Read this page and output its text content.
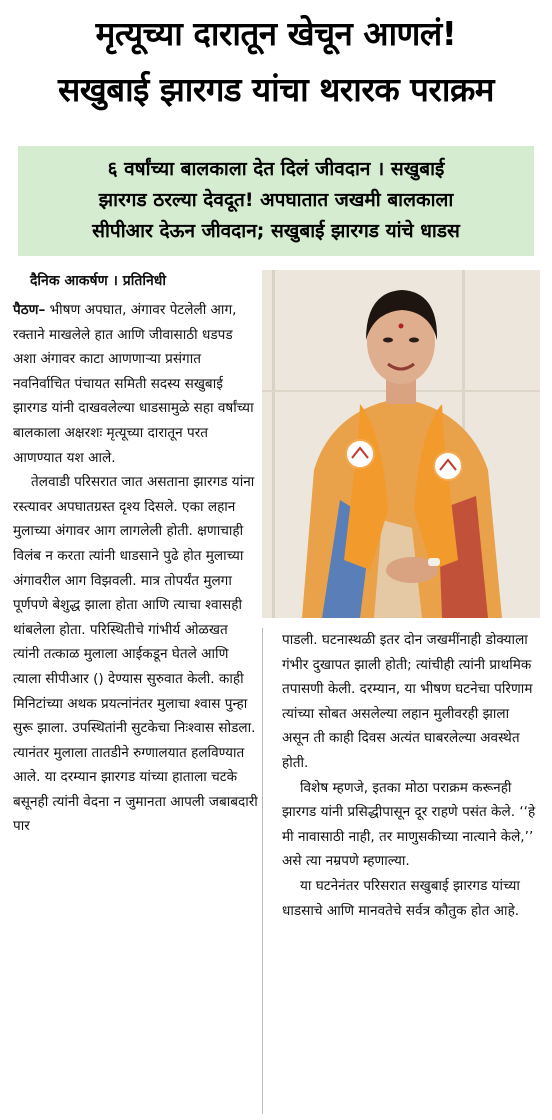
मृत्यूच्या दारातून खेचून आणलं!
सखुबाई झारगड यांचा थरारक पराक्रम
६ वर्षांच्या बालकाला देत दिलं जीवदान । सखुबाई
झारगड ठरल्या देवदूत! अपघातात जखमी बालकाला
सीपीआर देऊन जीवदान; सखुबाई झारगड यांचे धाडस
दैनिक आकर्षण । प्रतिनिधी

पैठण– भीषण अपघात, अंगावर पेटलेली आग, रक्ताने माखलेले हात आणि जीवासाठी धडपड अशा अंगावर काटा आणणाऱ्या प्रसंगात नवनिर्वाचित पंचायत समिती सदस्य सखुबाई झारगड यांनी दाखवलेल्या धाडसामुळे सहा वर्षांच्या बालकाला अक्षरशः मृत्यूच्या दारातून परत आणण्यात यश आले.

तेलवाडी परिसरात जात असताना झारगड यांना रस्त्यावर अपघातग्रस्त दृश्य दिसले. एका लहान मुलाच्या अंगावर आग लागलेली होती. क्षणाचाही विलंब न करता त्यांनी धाडसाने पुढे होत मुलाच्या अंगावरील आग विझवली. मात्र तोपर्यंत मुलगा पूर्णपणे बेशुद्ध झाला होता आणि त्याचा श्वासही थांबलेला होता. परिस्थितीचे गांभीर्य ओळखत त्यांनी तत्काळ मुलाला आईकडून घेतले आणि त्याला सीपीआर () देण्यास सुरुवात केली. काही मिनिटांच्या अथक प्रयत्नांनंतर मुलाचा श्वास पुन्हा सुरू झाला. उपस्थितांनी सुटकेचा निःश्वास सोडला. त्यानंतर मुलाला तातडीने रुग्णालयात हलविण्यात आले. या दरम्यान झारगड यांच्या हाताला चटके बसूनही त्यांनी वेदना न जुमानता आपली जबाबदारी पार

पाडली. घटनास्थळी इतर दोन जखमींनाही डोक्याला गंभीर दुखापत झाली होती; त्यांचीही त्यांनी प्राथमिक तपासणी केली. दरम्यान, या भीषण घटनेचा परिणाम त्यांच्या सोबत असलेल्या लहान मुलीवरही झाला असून ती काही दिवस अत्यंत घाबरलेल्या अवस्थेत होती.

विशेष म्हणजे, इतका मोठा पराक्रम करूनही झारगड यांनी प्रसिद्धीपासून दूर राहणे पसंत केले. ‘‘हे मी नावासाठी नाही, तर माणुसकीच्या नात्याने केले,’’ असे त्या नम्रपणे म्हणाल्या.

या घटनेनंतर परिसरात सखुबाई झारगड यांच्या धाडसाचे आणि मानवतेचे सर्वत्र कौतुक होत आहे.
